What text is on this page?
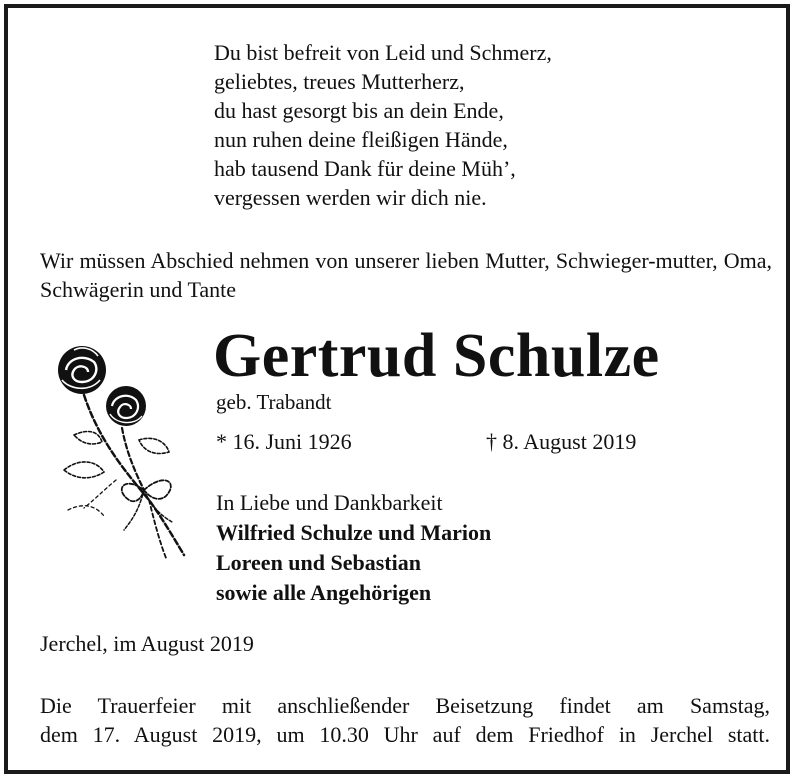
Du bist befreit von Leid und Schmerz,
geliebtes, treues Mutterherz,
du hast gesorgt bis an dein Ende,
nun ruhen deine fleißigen Hände,
hab tausend Dank für deine Müh’,
vergessen werden wir dich nie.
Wir müssen Abschied nehmen von unserer lieben Mutter, Schwieger-mutter, Oma, Schwägerin und Tante
Gertrud Schulze
geb. Trabandt
* 16. Juni 1926	† 8. August 2019
In Liebe und Dankbarkeit
Wilfried Schulze und Marion
Loreen und Sebastian
sowie alle Angehörigen
Jerchel, im August 2019
Die Trauerfeier mit anschließender Beisetzung findet am Samstag,
dem 17. August 2019, um 10.30 Uhr auf dem Friedhof in Jerchel statt.
